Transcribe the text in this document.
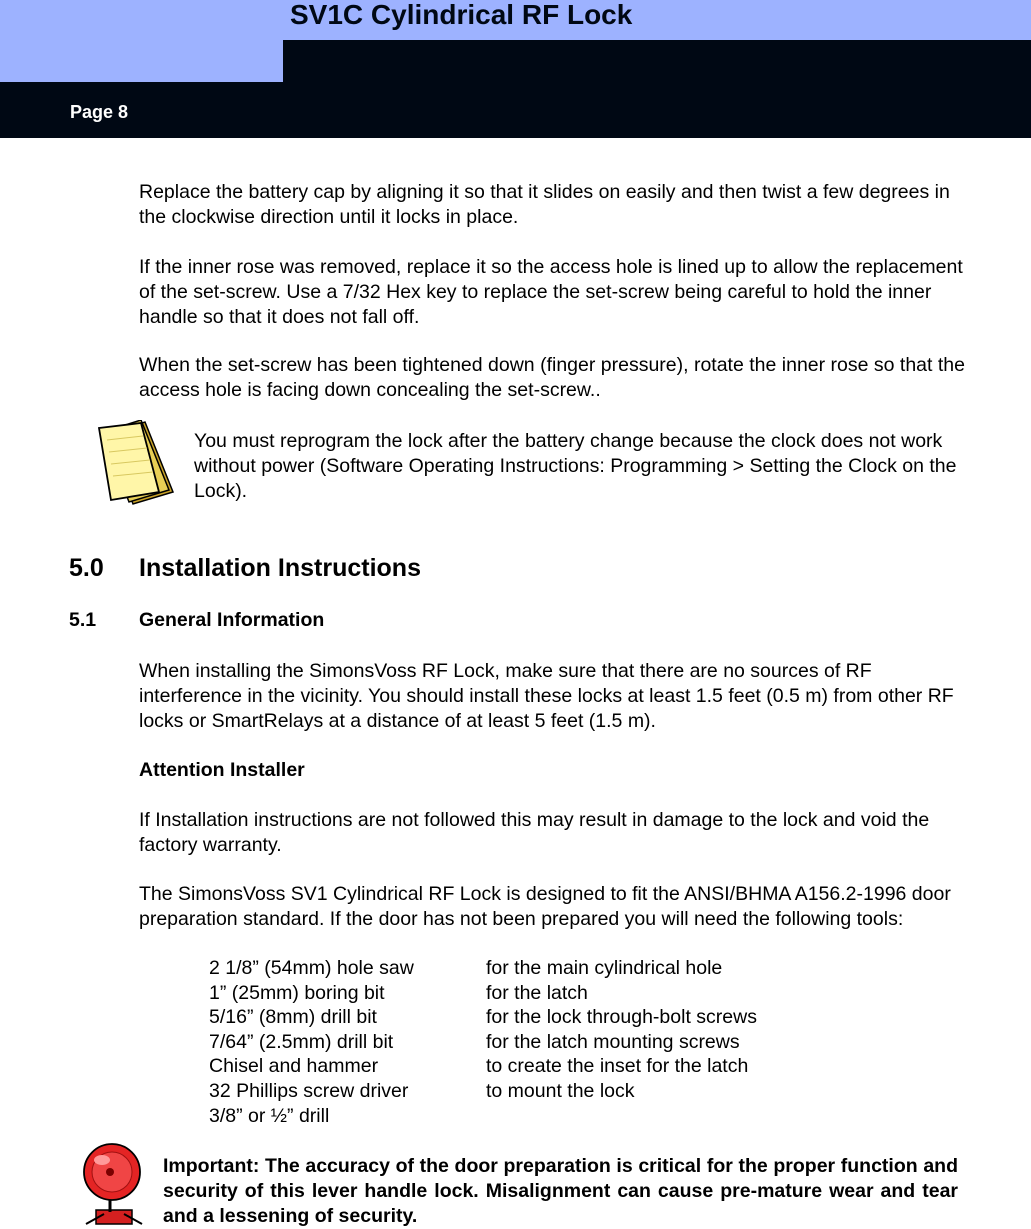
SV1C Cylindrical RF Lock
Page 8

Replace the battery cap by aligning it so that it slides on easily and then twist a few degrees in the clockwise direction until it locks in place.

If the inner rose was removed, replace it so the access hole is lined up to allow the replacement of the set-screw. Use a 7/32 Hex key to replace the set-screw being careful to hold the inner handle so that it does not fall off.

When the set-screw has been tightened down (finger pressure), rotate the inner rose so that the access hole is facing down concealing the set-screw..

You must reprogram the lock after the battery change because the clock does not work without power (Software Operating Instructions: Programming > Setting the Clock on the Lock).

5.0 Installation Instructions
5.1 General Information

When installing the SimonsVoss RF Lock, make sure that there are no sources of RF interference in the vicinity. You should install these locks at least 1.5 feet (0.5 m) from other RF locks or SmartRelays at a distance of at least 5 feet (1.5 m).

Attention Installer

If Installation instructions are not followed this may result in damage to the lock and void the factory warranty.

The SimonsVoss SV1 Cylindrical RF Lock is designed to fit the ANSI/BHMA A156.2-1996 door preparation standard. If the door has not been prepared you will need the following tools:

2 1/8” (54mm) hole saw	for the main cylindrical hole
1” (25mm) boring bit	for the latch
5/16” (8mm) drill bit	for the lock through-bolt screws
7/64” (2.5mm) drill bit	for the latch mounting screws
Chisel and hammer	to create the inset for the latch
32 Phillips screw driver	to mount the lock
3/8” or ½” drill
Important: The accuracy of the door preparation is critical for the proper function and security of this lever handle lock. Misalignment can cause pre-mature wear and tear and a lessening of security.
